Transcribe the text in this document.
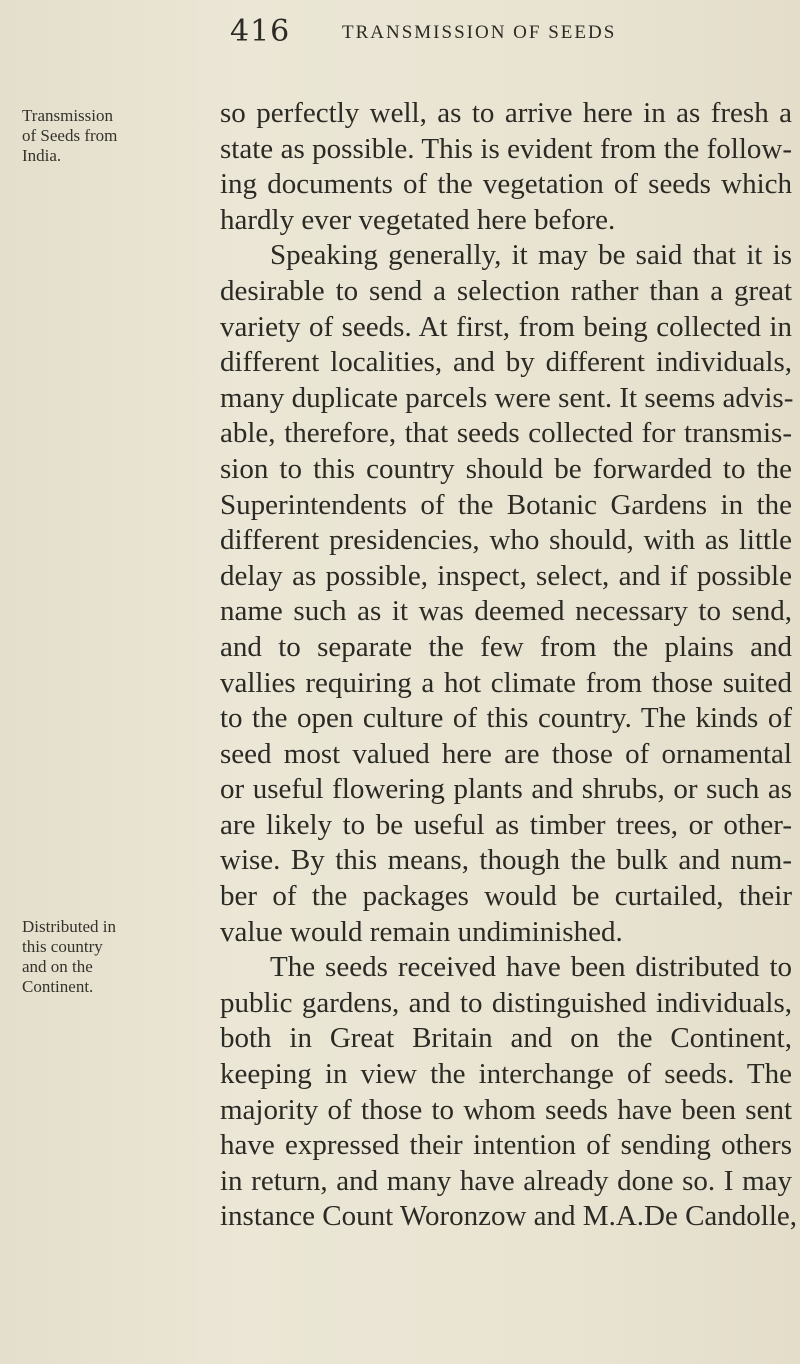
416	TRANSMISSION OF SEEDS
Transmission
of Seeds from
India.
Distributed in
this country
and on the
Continent.
so perfectly well, as to arrive here in as fresh a
state as possible. This is evident from the follow-
ing documents of the vegetation of seeds which
hardly ever vegetated here before.
Speaking generally, it may be said that it is
desirable to send a selection rather than a great
variety of seeds. At first, from being collected in
different localities, and by different individuals,
many duplicate parcels were sent. It seems advis-
able, therefore, that seeds collected for transmis-
sion to this country should be forwarded to the
Superintendents of the Botanic Gardens in the
different presidencies, who should, with as little
delay as possible, inspect, select, and if possible
name such as it was deemed necessary to send,
and to separate the few from the plains and
vallies requiring a hot climate from those suited
to the open culture of this country. The kinds of
seed most valued here are those of ornamental
or useful flowering plants and shrubs, or such as
are likely to be useful as timber trees, or other-
wise. By this means, though the bulk and num-
ber of the packages would be curtailed, their
value would remain undiminished.
The seeds received have been distributed to
public gardens, and to distinguished individuals,
both in Great Britain and on the Continent,
keeping in view the interchange of seeds. The
majority of those to whom seeds have been sent
have expressed their intention of sending others
in return, and many have already done so. I may
instance Count Woronzow and M.A.De Candolle,
